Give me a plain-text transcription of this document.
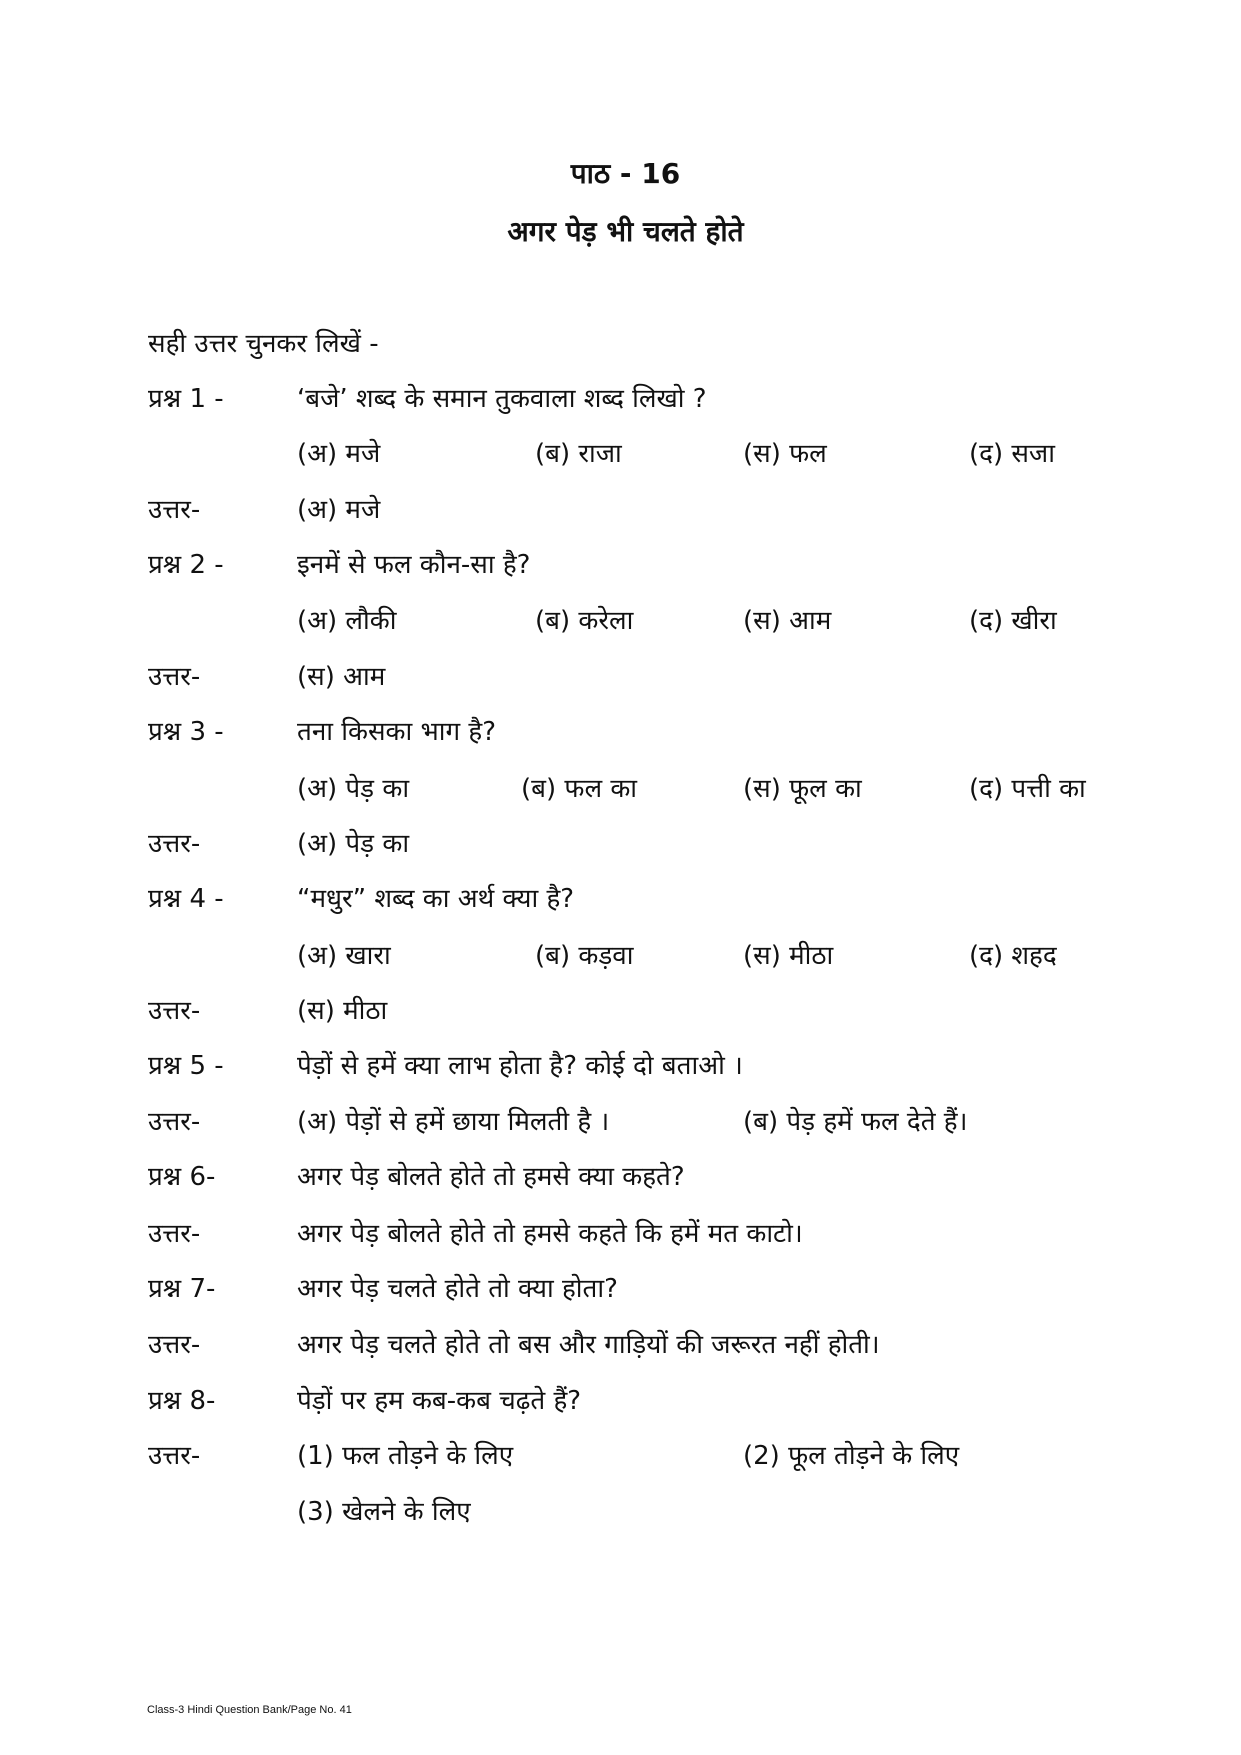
पाठ - 16
अगर पेड़ भी चलते होते
सही उत्तर चुनकर लिखें -
प्रश्न 1 -	‘बजे’ शब्द के समान तुकवाला शब्द लिखो ?
(अ) मजे	(ब) राजा	(स) फल	(द) सजा
उत्तर-	(अ) मजे
प्रश्न 2 -	इनमें से फल कौन-सा है?
(अ) लौकी	(ब) करेला	(स) आम	(द) खीरा
उत्तर-	(स) आम
प्रश्न 3 -	तना किसका भाग है?
(अ) पेड़ का	(ब) फल का	(स) फूल का	(द) पत्ती का
उत्तर-	(अ) पेड़ का
प्रश्न 4 -	“मधुर” शब्द का अर्थ क्या है?
(अ) खारा	(ब) कड़वा	(स) मीठा	(द) शहद
उत्तर-	(स) मीठा
प्रश्न 5 -	पेड़ों से हमें क्या लाभ होता है? कोई दो बताओ ।
उत्तर-	(अ) पेड़ों से हमें छाया मिलती है ।	(ब) पेड़ हमें फल देते हैं।
प्रश्न 6-	अगर पेड़ बोलते होते तो हमसे क्या कहते?
उत्तर-	अगर पेड़ बोलते होते तो हमसे कहते कि हमें मत काटो।
प्रश्न 7-	अगर पेड़ चलते होते तो क्या होता?
उत्तर-	अगर पेड़ चलते होते तो बस और गाड़ियों की जरूरत नहीं होती।
प्रश्न 8-	पेड़ों पर हम कब-कब चढ़ते हैं?
उत्तर-	(1) फल तोड़ने के लिए	(2) फूल तोड़ने के लिए
(3) खेलने के लिए
Class-3 Hindi Question Bank/Page No. 41
